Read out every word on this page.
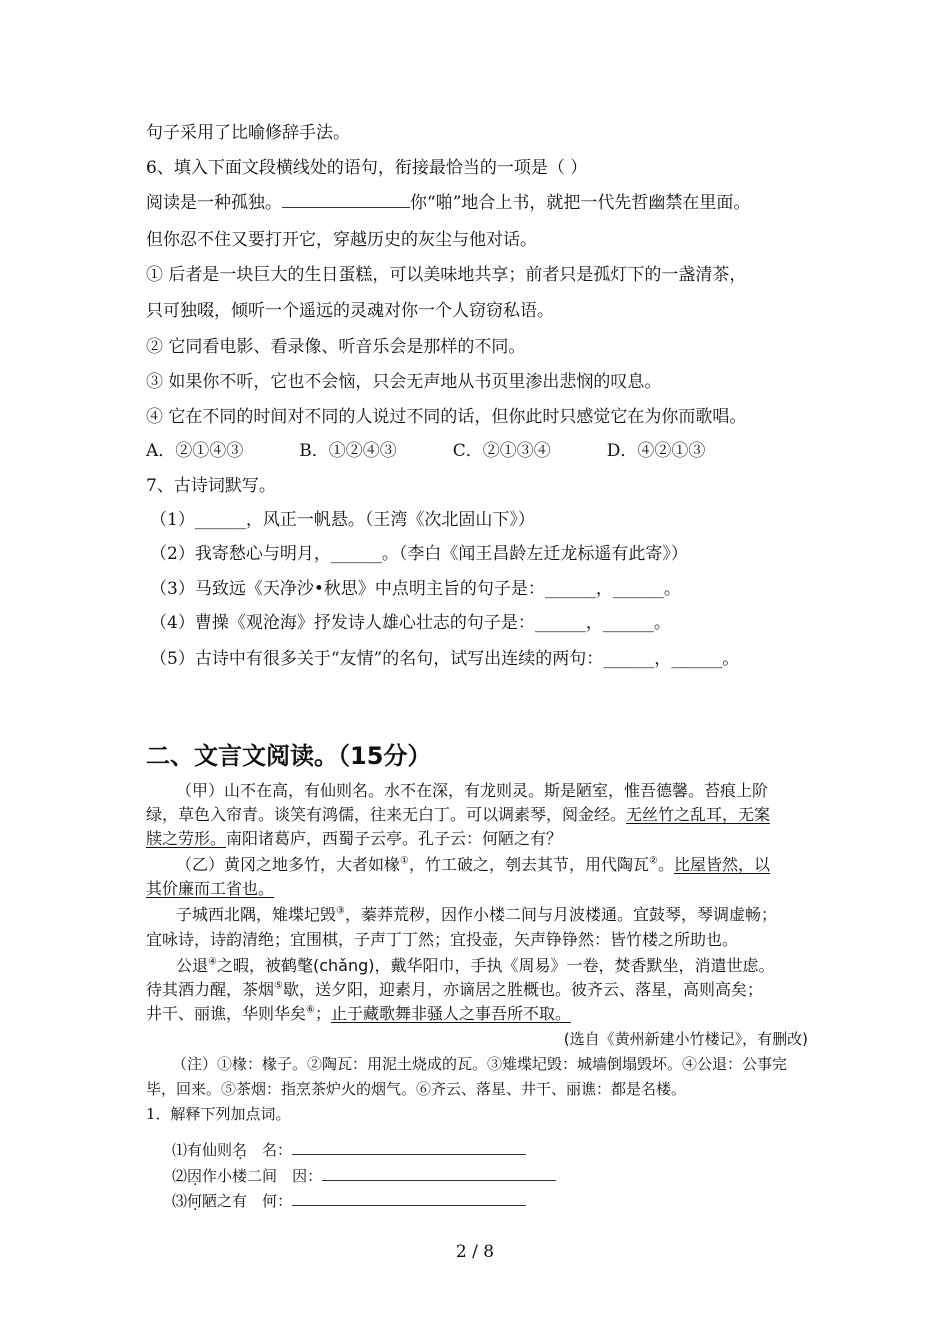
句子采用了比喻修辞手法。
6、填入下面文段横线处的语句，衔接最恰当的一项是（ ）
阅读是一种孤独。	你“啪”地合上书，就把一代先哲幽禁在里面。
但你忍不住又要打开它，穿越历史的灰尘与他对话。
① 后者是一块巨大的生日蛋糕，可以美味地共享；前者只是孤灯下的一盏清茶，
只可独啜，倾听一个遥远的灵魂对你一个人窃窃私语。
② 它同看电影、看录像、听音乐会是那样的不同。
③ 如果你不听，它也不会恼，只会无声地从书页里渗出悲悯的叹息。
④ 它在不同的时间对不同的人说过不同的话，但你此时只感觉它在为你而歌唱。
A．②①④③	B．①②④③	C．②①③④	D．④②①③
7、古诗词默写。
（1）______，风正一帆悬。（王湾《次北固山下》）
（2）我寄愁心与明月，______。（李白《闻王昌龄左迁龙标遥有此寄》）
（3）马致远《天净沙•秋思》中点明主旨的句子是：______，______。
（4）曹操《观沧海》抒发诗人雄心壮志的句子是：______，______。
（5）古诗中有很多关于“友情”的名句，试写出连续的两句：______，______。
二、文言文阅读。（15分）
（甲）山不在高，有仙则名。水不在深，有龙则灵。斯是陋室，惟吾德馨。苔痕上阶
绿，草色入帘青。谈笑有鸿儒，往来无白丁。可以调素琴，阅金经。无丝竹之乱耳，无案
牍之劳形。南阳诸葛庐，西蜀子云亭。孔子云：何陋之有？
（乙）黄冈之地多竹，大者如椽①，竹工破之，刳去其节，用代陶瓦②。比屋皆然，以
其价廉而工省也。
子城西北隅，雉堞圮毁③，蓁莽荒秽，因作小楼二间与月波楼通。宜鼓琴，琴调虚畅；
宜咏诗，诗韵清绝；宜围棋，子声丁丁然；宜投壶，矢声铮铮然：皆竹楼之所助也。
公退④之暇，被鹤氅(chǎng)，戴华阳巾，手执《周易》一卷，焚香默坐，消遣世虑。
待其酒力醒，茶烟⑤歇，送夕阳，迎素月，亦谪居之胜概也。彼齐云、落星，高则高矣；
井干、丽谯，华则华矣⑥；止于藏歌舞非骚人之事吾所不取。
(选自《黄州新建小竹楼记》，有删改)
（注）①椽：椽子。②陶瓦：用泥土烧成的瓦。③雉堞圮毁：城墙倒塌毁坏。④公退：公事完
毕，回来。⑤茶烟：指烹茶炉火的烟气。⑥齐云、落星、井干、丽谯：都是名楼。
1．解释下列加点词。
⑴有仙则名　 名：
⑵因作小楼二间　 因：
⑶何陋之有　 何：
2 / 8
